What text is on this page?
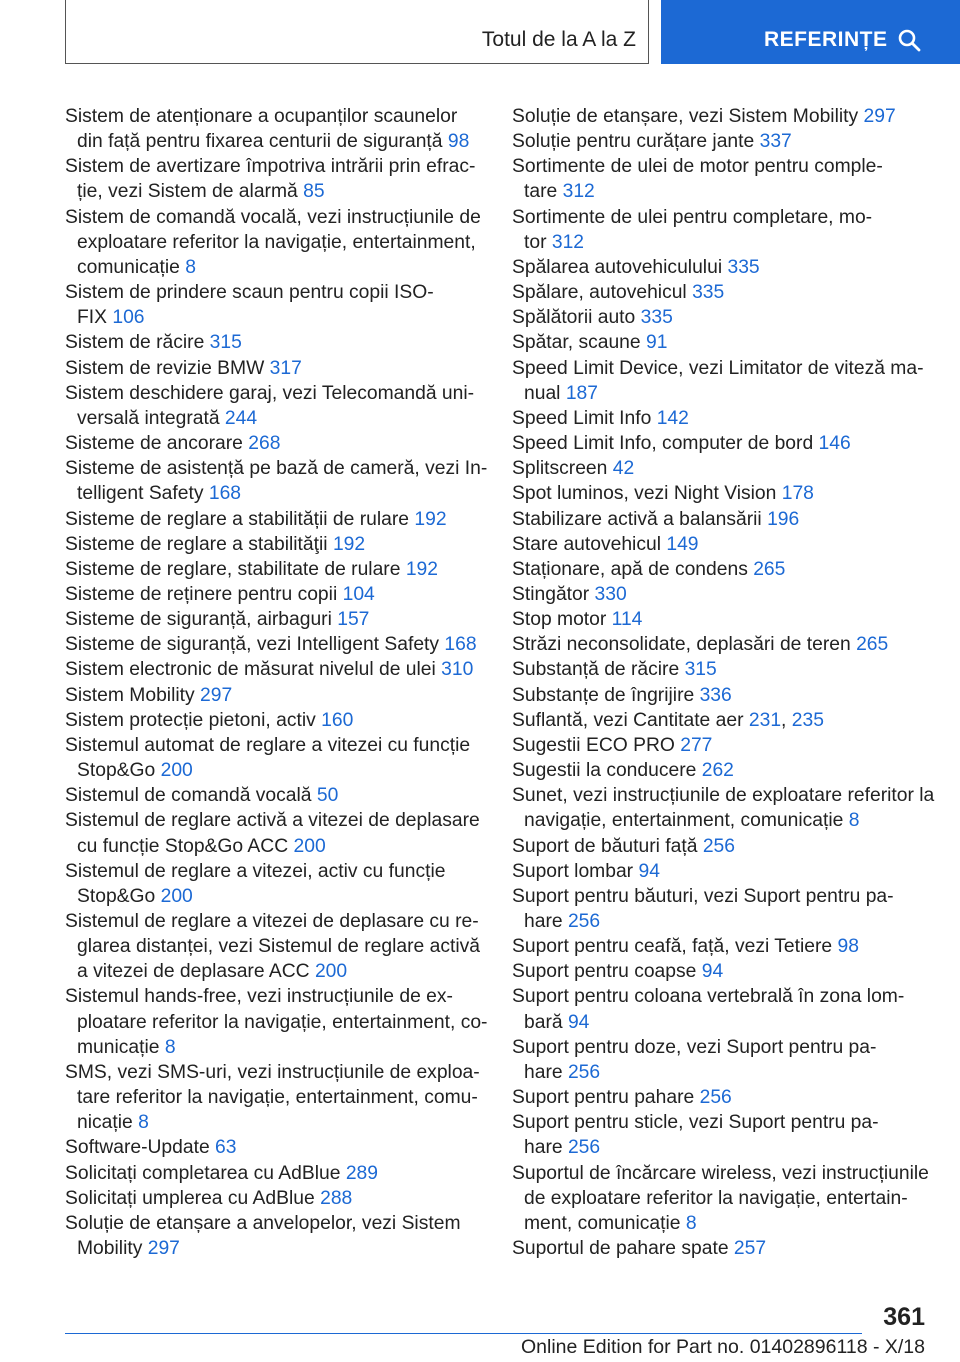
Totul de la A la Z	REFERINȚE
Sistem de atenționare a ocupanților scaunelor
din față pentru fixarea centurii de siguranță 98
Sistem de avertizare împotriva intrării prin efrac-
ție, vezi Sistem de alarmă 85
Sistem de comandă vocală, vezi instrucțiunile de
exploatare referitor la navigație, entertainment,
comunicație 8
Sistem de prindere scaun pentru copii ISO-
FIX 106
Sistem de răcire 315
Sistem de revizie BMW 317
Sistem deschidere garaj, vezi Telecomandă uni-
versală integrată 244
Sisteme de ancorare 268
Sisteme de asistență pe bază de cameră, vezi In-
telligent Safety 168
Sisteme de reglare a stabilității de rulare 192
Sisteme de reglare a stabilităţii 192
Sisteme de reglare, stabilitate de rulare 192
Sisteme de reținere pentru copii 104
Sisteme de siguranță, airbaguri 157
Sisteme de siguranță, vezi Intelligent Safety 168
Sistem electronic de măsurat nivelul de ulei 310
Sistem Mobility 297
Sistem protecție pietoni, activ 160
Sistemul automat de reglare a vitezei cu funcție
Stop&Go 200
Sistemul de comandă vocală 50
Sistemul de reglare activă a vitezei de deplasare
cu funcție Stop&Go ACC 200
Sistemul de reglare a vitezei, activ cu funcție
Stop&Go 200
Sistemul de reglare a vitezei de deplasare cu re-
glarea distanței, vezi Sistemul de reglare activă
a vitezei de deplasare ACC 200
Sistemul hands-free, vezi instrucțiunile de ex-
ploatare referitor la navigație, entertainment, co-
municație 8
SMS, vezi SMS-uri, vezi instrucțiunile de exploa-
tare referitor la navigație, entertainment, comu-
nicație 8
Software-Update 63
Solicitați completarea cu AdBlue 289
Solicitați umplerea cu AdBlue 288
Soluție de etanșare a anvelopelor, vezi Sistem
Mobility 297
Soluție de etanșare, vezi Sistem Mobility 297
Soluție pentru curățare jante 337
Sortimente de ulei de motor pentru comple-
tare 312
Sortimente de ulei pentru completare, mo-
tor 312
Spălarea autovehiculului 335
Spălare, autovehicul 335
Spălătorii auto 335
Spătar, scaune 91
Speed Limit Device, vezi Limitator de viteză ma-
nual 187
Speed Limit Info 142
Speed Limit Info, computer de bord 146
Splitscreen 42
Spot luminos, vezi Night Vision 178
Stabilizare activă a balansării 196
Stare autovehicul 149
Staționare, apă de condens 265
Stingător 330
Stop motor 114
Străzi neconsolidate, deplasări de teren 265
Substanță de răcire 315
Substanțe de îngrijire 336
Suflantă, vezi Cantitate aer 231, 235
Sugestii ECO PRO 277
Sugestii la conducere 262
Sunet, vezi instrucțiunile de exploatare referitor la
navigație, entertainment, comunicație 8
Suport de băuturi față 256
Suport lombar 94
Suport pentru băuturi, vezi Suport pentru pa-
hare 256
Suport pentru ceafă, față, vezi Tetiere 98
Suport pentru coapse 94
Suport pentru coloana vertebrală în zona lom-
bară 94
Suport pentru doze, vezi Suport pentru pa-
hare 256
Suport pentru pahare 256
Suport pentru sticle, vezi Suport pentru pa-
hare 256
Suportul de încărcare wireless, vezi instrucțiunile
de exploatare referitor la navigație, entertain-
ment, comunicație 8
Suportul de pahare spate 257
361
Online Edition for Part no. 01402896118 - X/18
